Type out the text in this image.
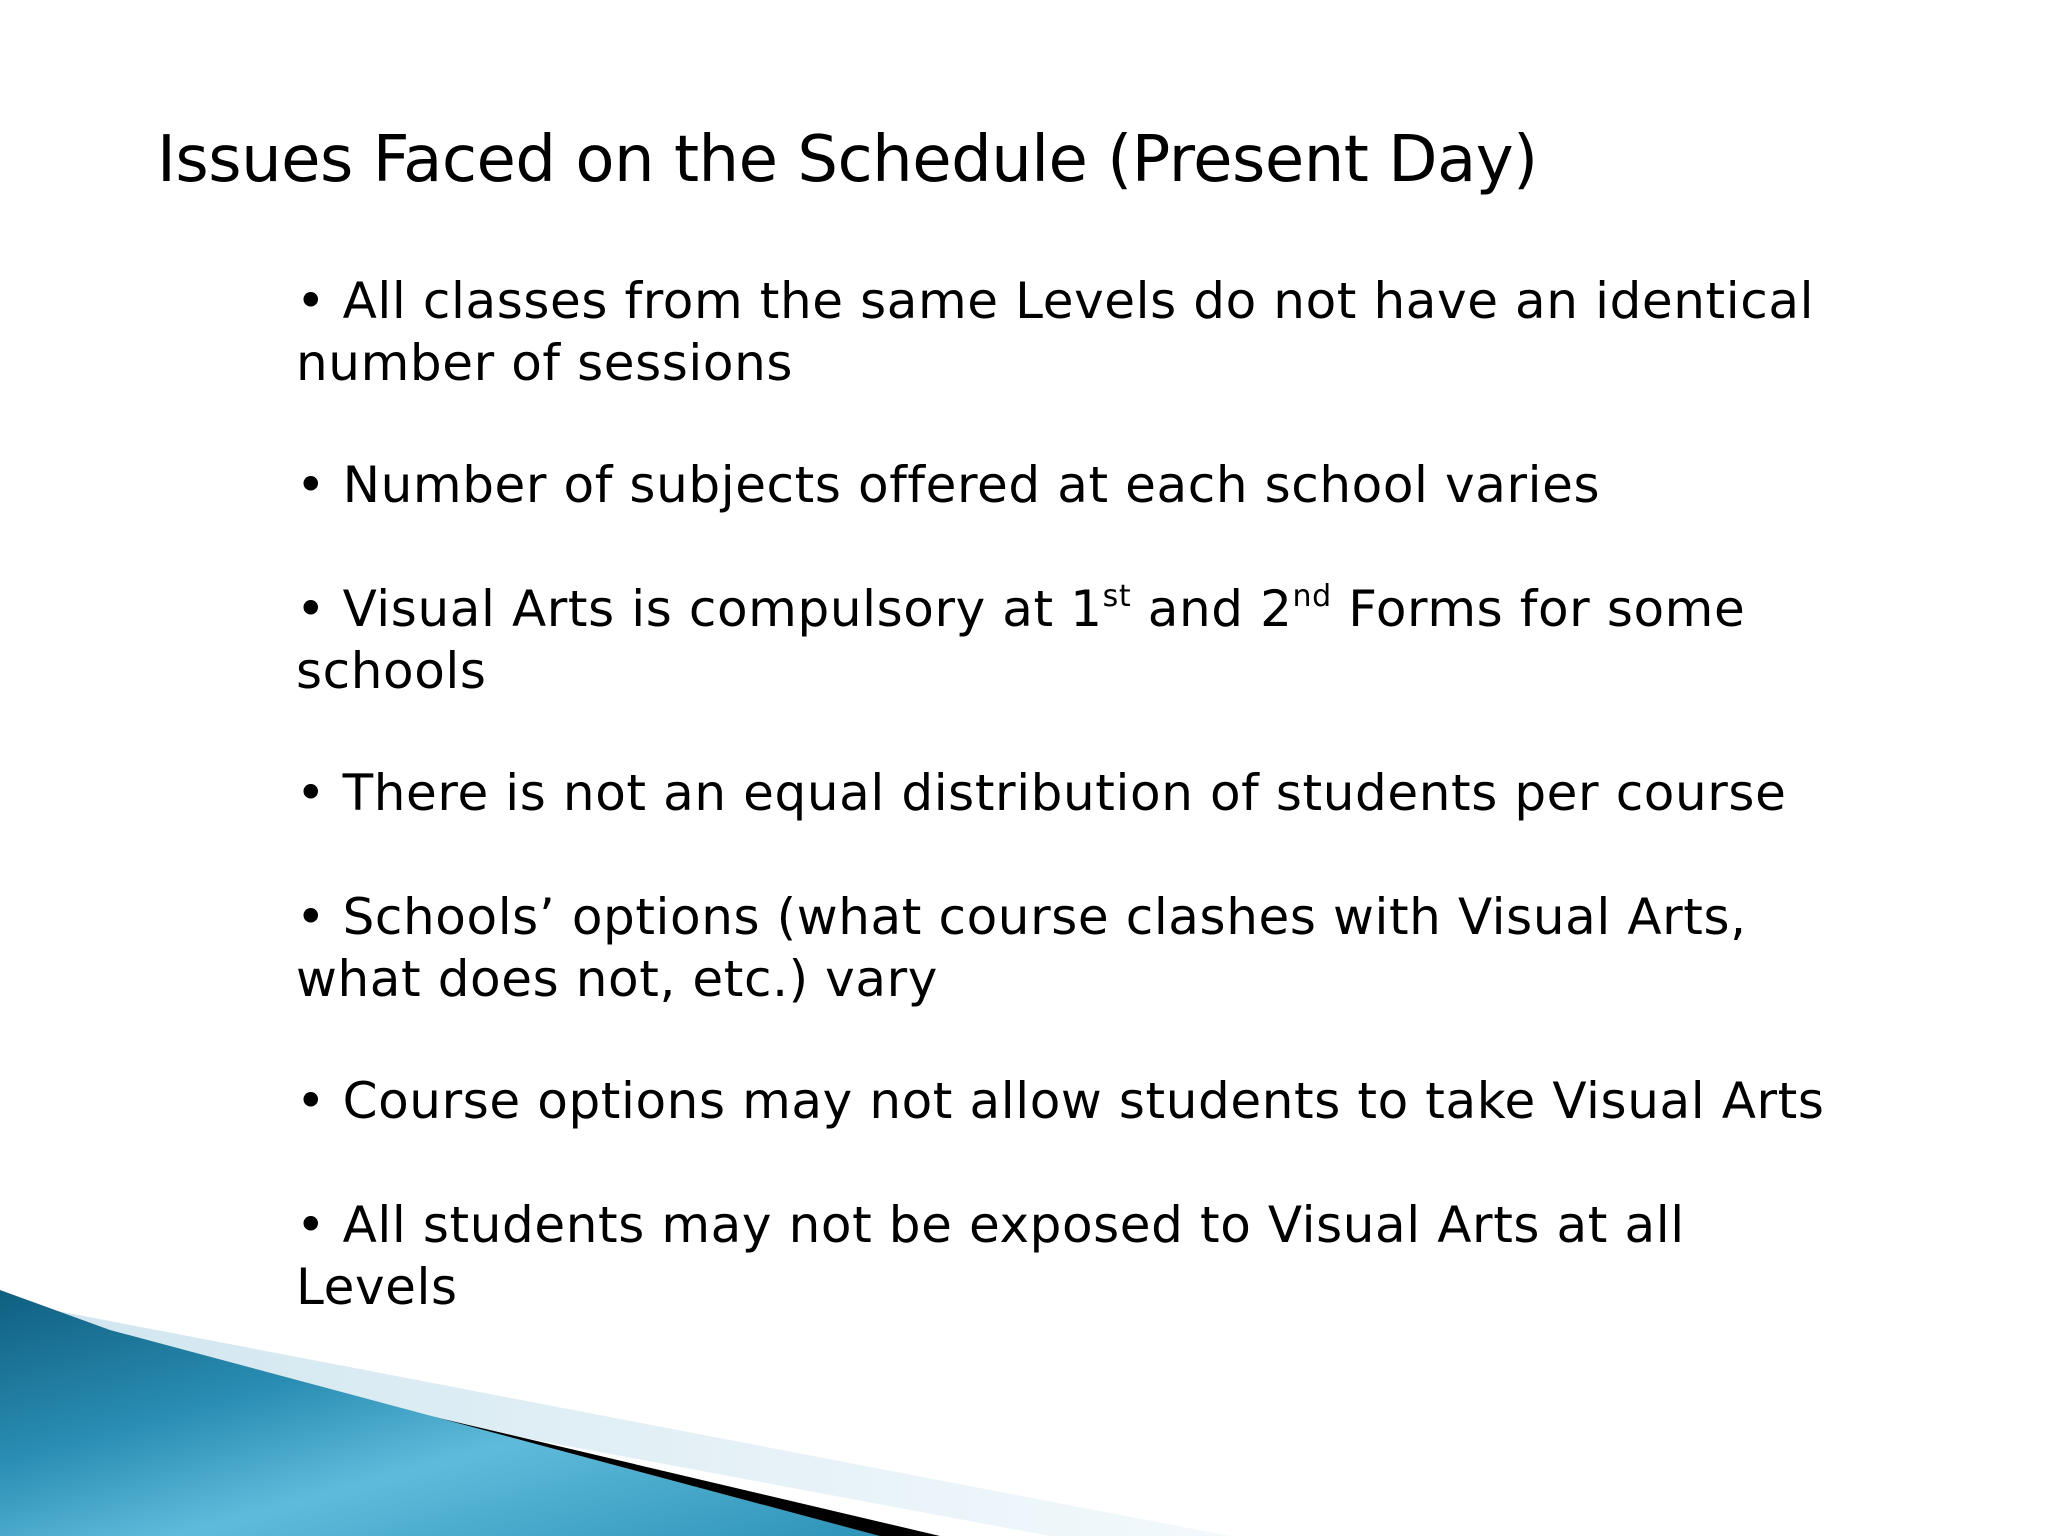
Issues Faced on the Schedule (Present Day)
• All classes from the same Levels do not have an identical number of sessions
• Number of subjects offered at each school varies
• Visual Arts is compulsory at 1st and 2nd Forms for some schools
• There is not an equal distribution of students per course
• Schools’ options (what course clashes with Visual Arts, what does not, etc.) vary
• Course options may not allow students to take Visual Arts
• All students may not be exposed to Visual Arts at all Levels
